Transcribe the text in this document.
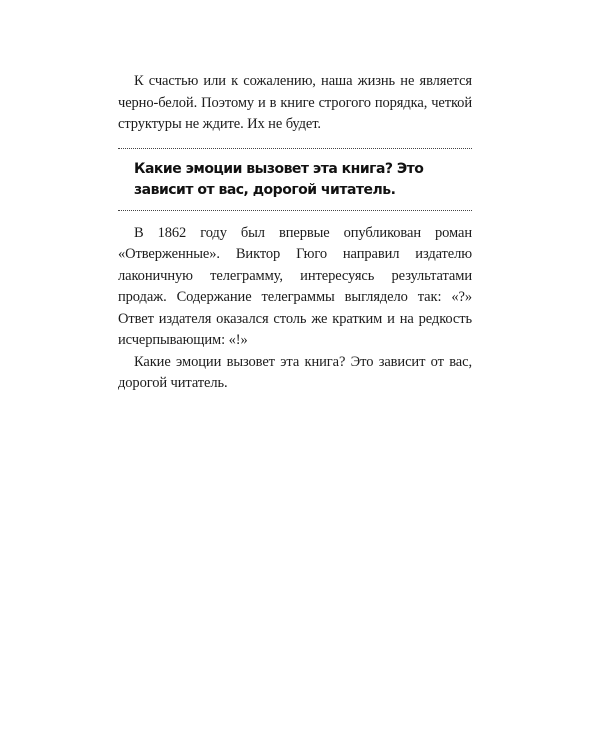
К счастью или к сожалению, наша жизнь не является черно-белой. Поэтому и в книге строгого порядка, четкой структуры не ждите. Их не будет.

Какие эмоции вызовет эта книга? Это зависит от вас, дорогой читатель.

В 1862 году был впервые опубликован роман «Отверженные». Виктор Гюго направил издателю лаконичную телеграмму, интересуясь результатами продаж. Содержание телеграммы выглядело так: «?» Ответ издателя оказался столь же кратким и на редкость исчерпывающим: «!»

Какие эмоции вызовет эта книга? Это зависит от вас, дорогой читатель.
